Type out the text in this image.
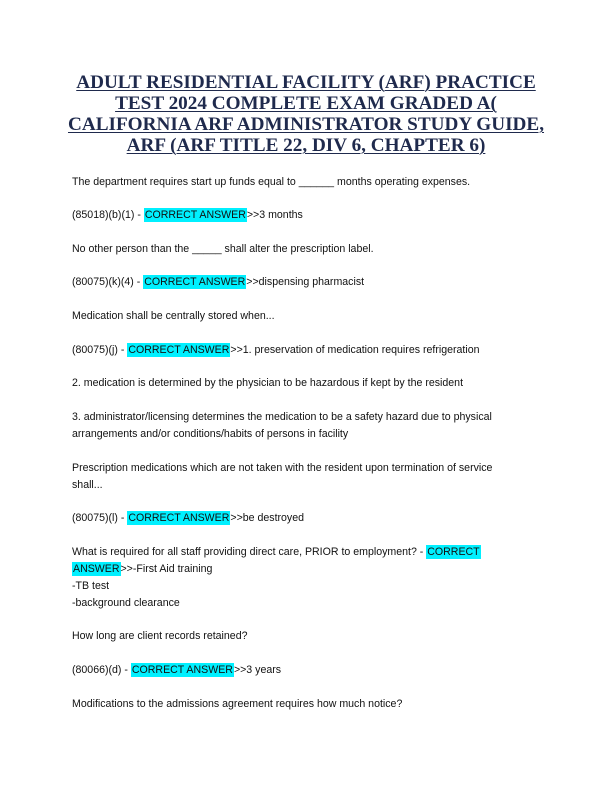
ADULT RESIDENTIAL FACILITY (ARF) PRACTICE
TEST 2024 COMPLETE EXAM GRADED A(
CALIFORNIA ARF ADMINISTRATOR STUDY GUIDE,
ARF (ARF TITLE 22, DIV 6, CHAPTER 6)

The department requires start up funds equal to ______ months operating expenses.

(85018)(b)(1) - CORRECT ANSWER>>3 months

No other person than the _____ shall alter the prescription label.

(80075)(k)(4) - CORRECT ANSWER>>dispensing pharmacist

Medication shall be centrally stored when...

(80075)(j) - CORRECT ANSWER>>1. preservation of medication requires refrigeration

2. medication is determined by the physician to be hazardous if kept by the resident

3. administrator/licensing determines the medication to be a safety hazard due to physical
arrangements and/or conditions/habits of persons in facility

Prescription medications which are not taken with the resident upon termination of service
shall...

(80075)(l) - CORRECT ANSWER>>be destroyed

What is required for all staff providing direct care, PRIOR to employment? - CORRECT
ANSWER>>-First Aid training
-TB test
-background clearance

How long are client records retained?

(80066)(d) - CORRECT ANSWER>>3 years

Modifications to the admissions agreement requires how much notice?
